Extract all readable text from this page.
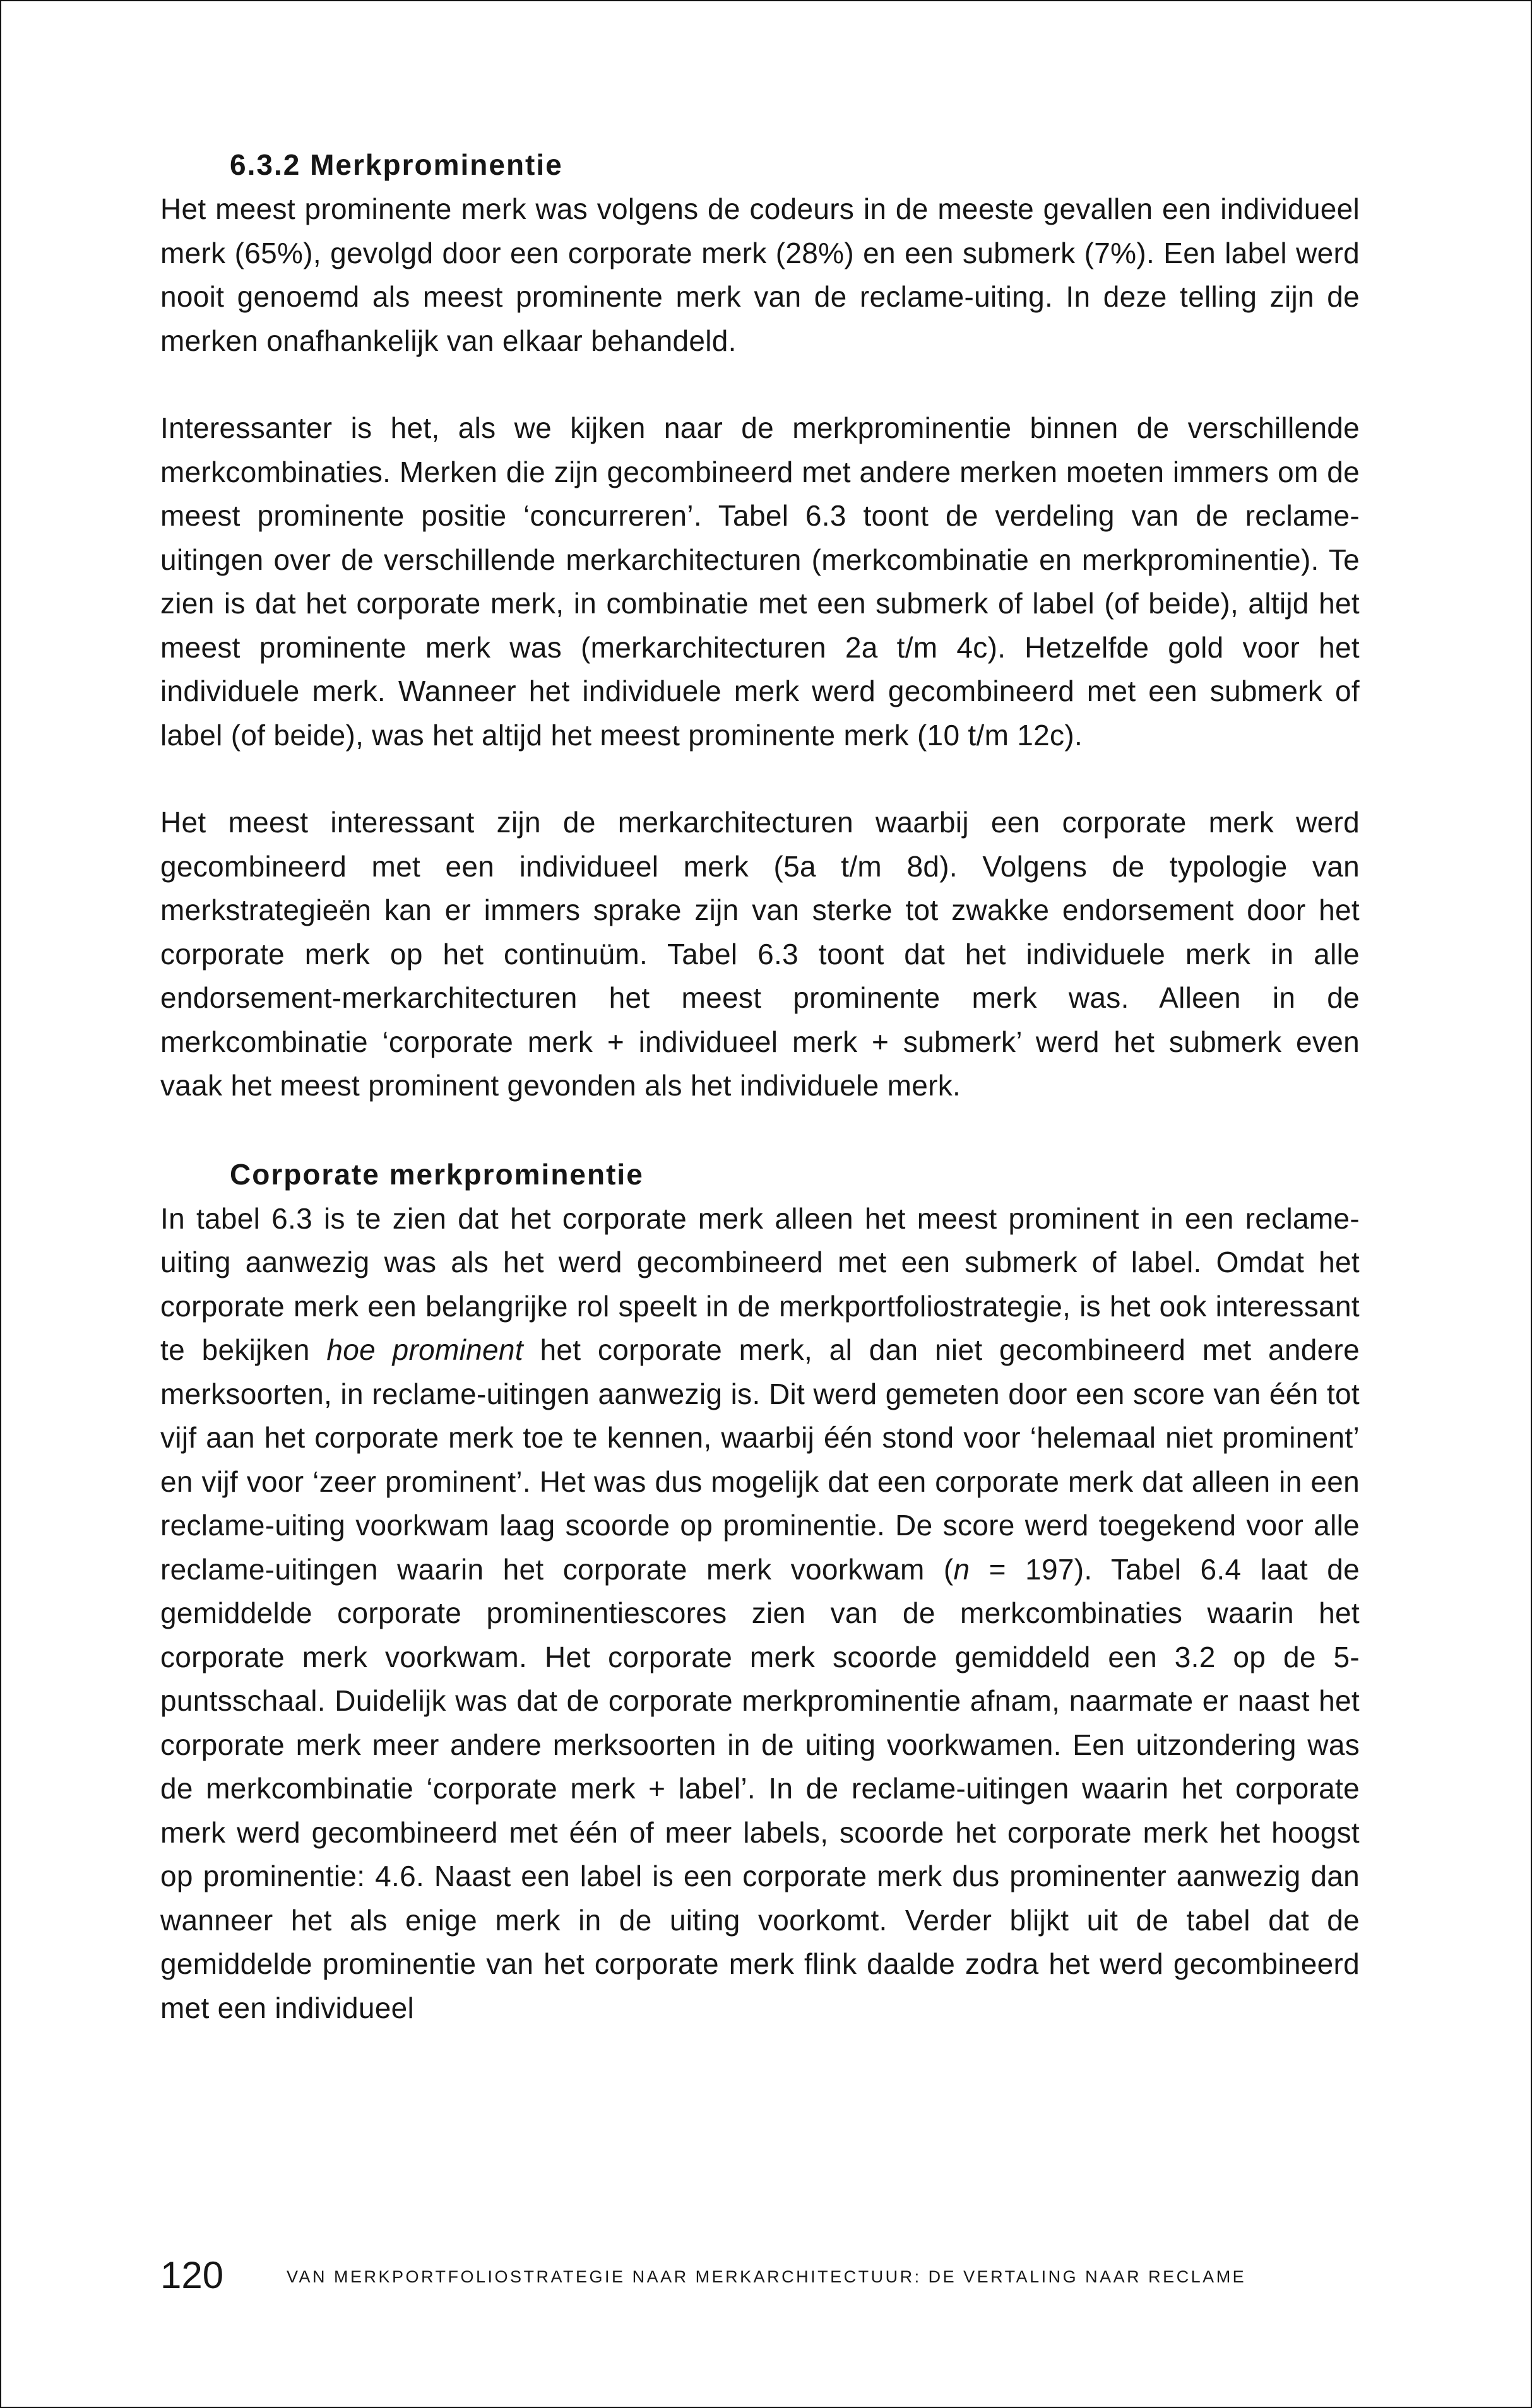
6.3.2 Merkprominentie

Het meest prominente merk was volgens de codeurs in de meeste gevallen een individueel merk (65%), gevolgd door een corporate merk (28%) en een submerk (7%). Een label werd nooit genoemd als meest prominente merk van de reclame-uiting. In deze telling zijn de merken onafhankelijk van elkaar behandeld.

Interessanter is het, als we kijken naar de merkprominentie binnen de verschillende merkcombinaties. Merken die zijn gecombineerd met andere merken moeten immers om de meest prominente positie ‘concurreren’. Tabel 6.3 toont de verdeling van de reclame-uitingen over de verschillende merkarchitecturen (merkcombinatie en merkprominentie). Te zien is dat het corporate merk, in combinatie met een submerk of label (of beide), altijd het meest prominente merk was (merkarchitecturen 2a t/m 4c). Hetzelfde gold voor het individuele merk. Wanneer het individuele merk werd gecombineerd met een submerk of label (of beide), was het altijd het meest prominente merk (10 t/m 12c).

Het meest interessant zijn de merkarchitecturen waarbij een corporate merk werd gecombineerd met een individueel merk (5a t/m 8d). Volgens de typologie van merkstrategieën kan er immers sprake zijn van sterke tot zwakke endorsement door het corporate merk op het continuüm. Tabel 6.3 toont dat het individuele merk in alle endorsement-merkarchitecturen het meest prominente merk was. Alleen in de merkcombinatie ‘corporate merk + individueel merk + submerk’ werd het submerk even vaak het meest prominent gevonden als het individuele merk.

Corporate merkprominentie

In tabel 6.3 is te zien dat het corporate merk alleen het meest prominent in een reclame-uiting aanwezig was als het werd gecombineerd met een submerk of label. Omdat het corporate merk een belangrijke rol speelt in de merkportfoliostrategie, is het ook interessant te bekijken hoe prominent het corporate merk, al dan niet gecombineerd met andere merksoorten, in reclame-uitingen aanwezig is. Dit werd gemeten door een score van één tot vijf aan het corporate merk toe te kennen, waarbij één stond voor ‘helemaal niet prominent’ en vijf voor ‘zeer prominent’. Het was dus mogelijk dat een corporate merk dat alleen in een reclame-uiting voorkwam laag scoorde op prominentie. De score werd toegekend voor alle reclame-uitingen waarin het corporate merk voorkwam (n = 197). Tabel 6.4 laat de gemiddelde corporate prominentiescores zien van de merkcombinaties waarin het corporate merk voorkwam. Het corporate merk scoorde gemiddeld een 3.2 op de 5-puntsschaal. Duidelijk was dat de corporate merkprominentie afnam, naarmate er naast het corporate merk meer andere merksoorten in de uiting voorkwamen. Een uitzondering was de merkcombinatie ‘corporate merk + label’. In de reclame-uitingen waarin het corporate merk werd gecombineerd met één of meer labels, scoorde het corporate merk het hoogst op prominentie: 4.6. Naast een label is een corporate merk dus prominenter aanwezig dan wanneer het als enige merk in de uiting voorkomt. Verder blijkt uit de tabel dat de gemiddelde prominentie van het corporate merk flink daalde zodra het werd gecombineerd met een individueel

120	VAN MERKPORTFOLIOSTRATEGIE NAAR MERKARCHITECTUUR: DE VERTALING NAAR RECLAME
